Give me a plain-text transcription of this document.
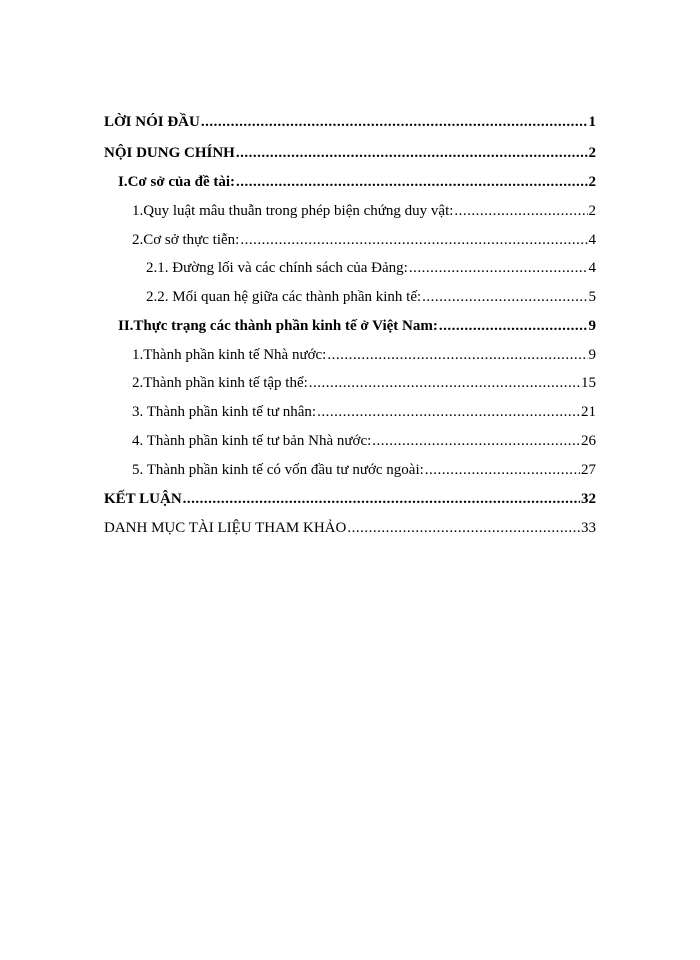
LỜI NÓI ĐẦU .....	1
NỘI DUNG CHÍNH .....	2
I.Cơ sở của đề tài: .....	2
1.Quy luật mâu thuẫn trong phép biện chứng duy vật: .....	2
2.Cơ sở thực tiễn: .....	4
2.1. Đường lối và các chính sách của Đảng: .....	4
2.2. Mối quan hệ giữa các thành phần kinh tế: .....	5
II.Thực trạng các thành phần kinh tế ở Việt Nam: .....	9
1.Thành phần kinh tế Nhà nước: .....	9
2.Thành phần kinh tế tập thể: .....	15
3. Thành phần kinh tế tư nhân: .....	21
4. Thành phần kinh tế tư bản Nhà nước: .....	26
5. Thành phần kinh tế có vốn đầu tư nước ngoài: .....	27
KẾT LUẬN .....	32
DANH MỤC TÀI LIỆU THAM KHẢO .....	33
